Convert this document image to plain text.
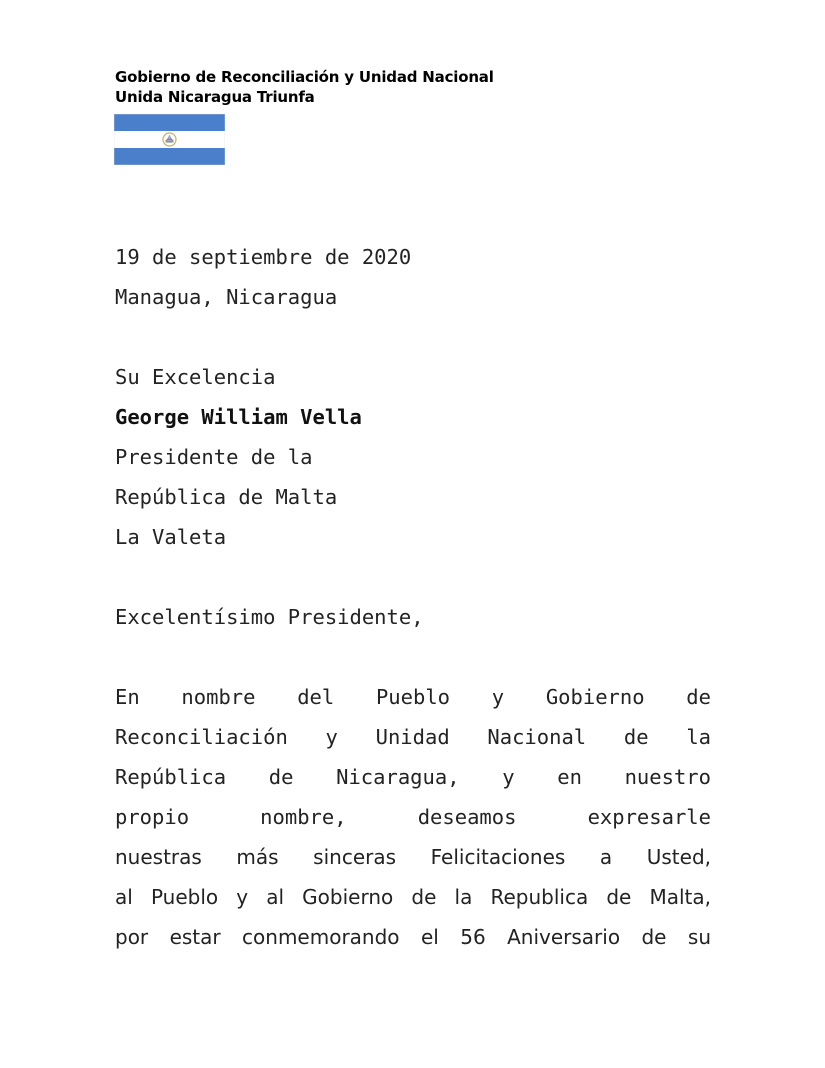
Gobierno de Reconciliación y Unidad Nacional
Unida Nicaragua Triunfa
19 de septiembre de 2020
Managua, Nicaragua
Su Excelencia
George William Vella
Presidente de la
República de Malta
La Valeta
Excelentísimo Presidente,
En nombre del Pueblo y Gobierno de
Reconciliación y Unidad Nacional de la
República de Nicaragua, y en nuestro
propio nombre, deseamos expresarle
nuestras más sinceras Felicitaciones a Usted,
al Pueblo y al Gobierno de la Republica de Malta,
por estar conmemorando el 56 Aniversario de su
